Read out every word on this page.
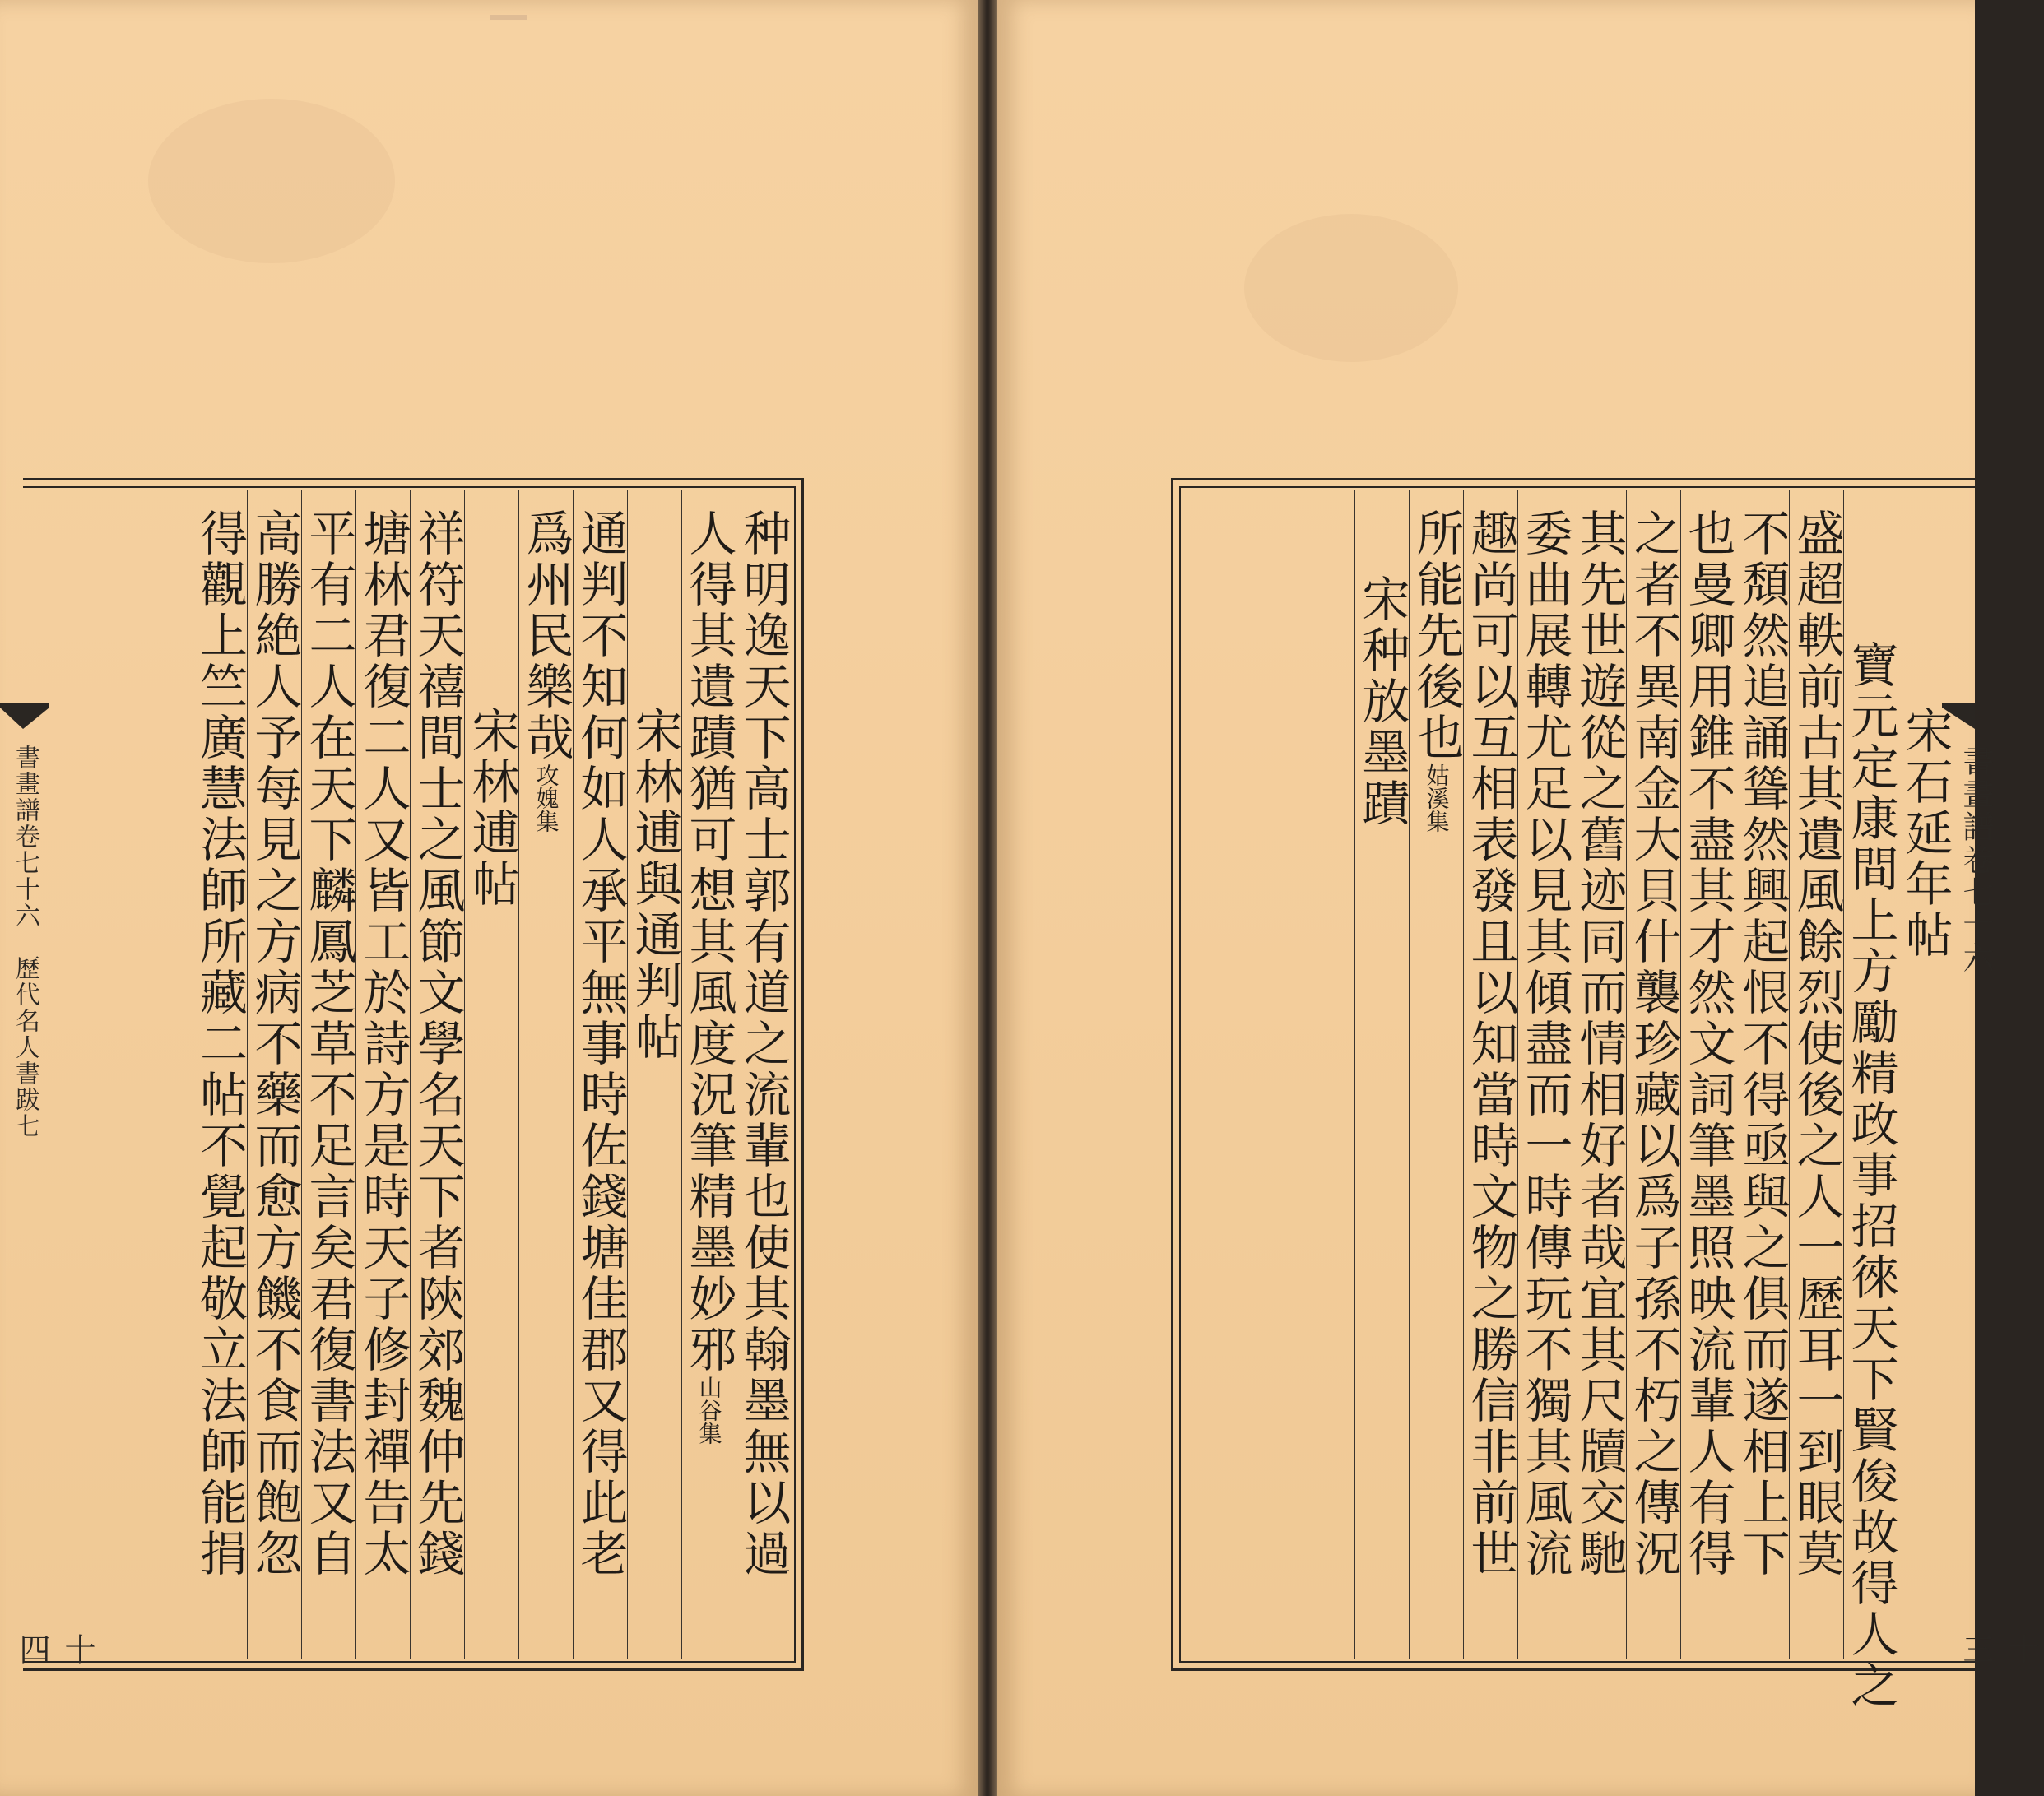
書畫譜卷七十六　歷代名人書跋七
十四
种明逸天下高士郭有道之流輩也使其翰墨無以過
人得其遺蹟猶可想其風度況筆精墨妙邪山谷集
宋林逋與通判帖
通判不知何如人承平無事時佐錢塘佳郡又得此老
爲州民樂哉攻媿集
宋林逋帖
祥符天禧間士之風節文學名天下者陝郊魏仲先錢
塘林君復二人又皆工於詩方是時天子修封禪告太
平有二人在天下麟鳳芝草不足言矣君復書法又自
高勝絶人予每見之方病不藥而愈方饑不食而飽忽
得觀上竺廣慧法師所藏二帖不覺起敬立法師能捐	宋石延年帖
寶元定康間上方勵精政事招徠天下賢俊故得人之
盛超軼前古其遺風餘烈使後之人一歷耳一到眼莫
不頽然追誦聳然興起恨不得亟與之俱而遂相上下
也曼卿用錐不盡其才然文詞筆墨照映流輩人有得
之者不異南金大貝什襲珍藏以爲子孫不朽之傳況
其先世遊從之舊迹同而情相好者哉宜其尺牘交馳
委曲展轉尤足以見其傾盡而一時傳玩不獨其風流
趣尚可以互相表發且以知當時文物之勝信非前世
所能先後也姑溪集
宋种放墨蹟
書畫譜卷七十六
十三
